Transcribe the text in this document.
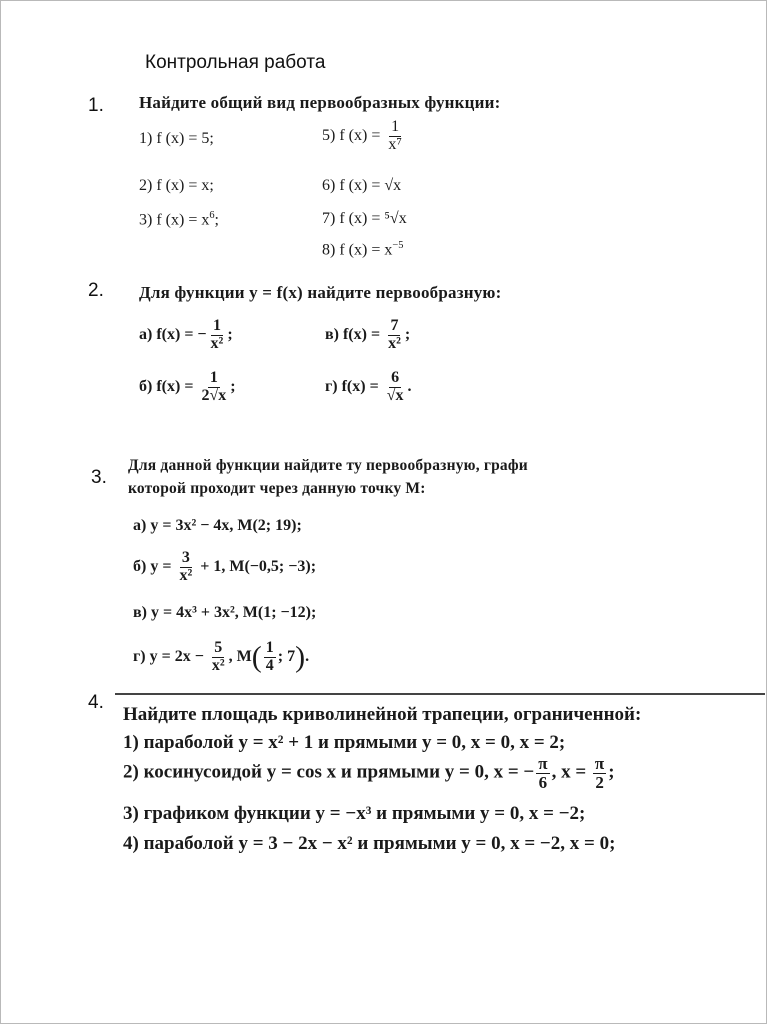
Контрольная работа
1. Найдите общий вид первообразных функции:
1) f (x) = 5;	5) f $(x) = \frac{1}{\text{x⁷}}$
2) f (x) = x;	6) f (x) = √x
3) f $(x) = x^6$;	7) f (x) = ⁵√x
8) f $(x) = x^{-5}$
2. Для функции y = f(x) найдите первообразную:
а) f(x) = − $\frac{1}{\text{x²}}$ ;	в) $f(x) = \frac{7}{\text{x²}}$ ;
б) $f(x) = \frac{1}{2√x}$ ;	г) $f(x) = \frac{6}{√x}$ .
3.
Для данной функции найдите ту первообразную, графи
которой проходит через данную точку M:
а) y = 3x² − 4x, M(2; 19);
б) $y = \frac{3}{\text{x²}} + 1$, M(−0,5; −3);
в) y = 4x³ + 3x², M(1; −12);
г) $y = 2x - \frac{5}{\text{x²}}$ , $M( \frac{1}{4}$ ; 7).
4.
Найдите площадь криволинейной трапеции, ограниченной:
1) параболой y = x² + 1 и прямыми y = 0, x = 0, x = 2;
2) косинусоидой y = cos x и прямыми y = 0, x = − $\frac{\pi}{6}$ , $x = \frac{\pi}{2}$ ;
3) графиком функции y = −x³ и прямыми y = 0, x = −2;
4) параболой y = 3 − 2x − x² и прямыми y = 0, x = −2, x = 0;
